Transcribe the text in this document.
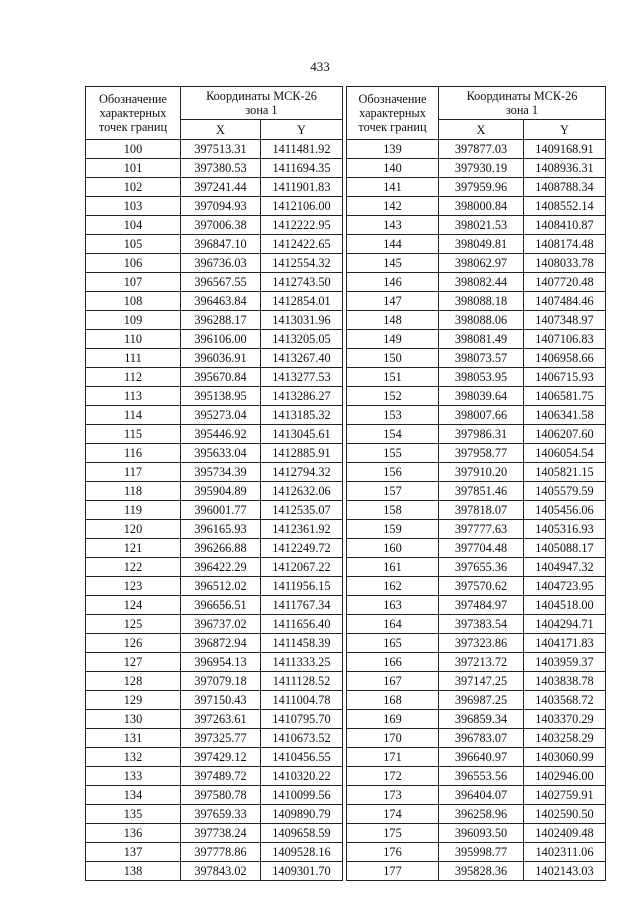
433
Обозначение
характерных
точек границ	Координаты МСК-26
зона 1	
	X	Y
100	397513.31	1411481.92
101	397380.53	1411694.35
102	397241.44	1411901.83
103	397094.93	1412106.00
104	397006.38	1412222.95
105	396847.10	1412422.65
106	396736.03	1412554.32
107	396567.55	1412743.50
108	396463.84	1412854.01
109	396288.17	1413031.96
110	396106.00	1413205.05
111	396036.91	1413267.40
112	395670.84	1413277.53
113	395138.95	1413286.27
114	395273.04	1413185.32
115	395446.92	1413045.61
116	395633.04	1412885.91
117	395734.39	1412794.32
118	395904.89	1412632.06
119	396001.77	1412535.07
120	396165.93	1412361.92
121	396266.88	1412249.72
122	396422.29	1412067.22
123	396512.02	1411956.15
124	396656.51	1411767.34
125	396737.02	1411656.40
126	396872.94	1411458.39
127	396954.13	1411333.25
128	397079.18	1411128.52
129	397150.43	1411004.78
130	397263.61	1410795.70
131	397325.77	1410673.52
132	397429.12	1410456.55
133	397489.72	1410320.22
134	397580.78	1410099.56
135	397659.33	1409890.79
136	397738.24	1409658.59
137	397778.86	1409528.16
138	397843.02	1409301.70
Обозначение
характерных
точек границ	Координаты МСК-26
зона 1	
	X	Y
139	397877.03	1409168.91
140	397930.19	1408936.31
141	397959.96	1408788.34
142	398000.84	1408552.14
143	398021.53	1408410.87
144	398049.81	1408174.48
145	398062.97	1408033.78
146	398082.44	1407720.48
147	398088.18	1407484.46
148	398088.06	1407348.97
149	398081.49	1407106.83
150	398073.57	1406958.66
151	398053.95	1406715.93
152	398039.64	1406581.75
153	398007.66	1406341.58
154	397986.31	1406207.60
155	397958.77	1406054.54
156	397910.20	1405821.15
157	397851.46	1405579.59
158	397818.07	1405456.06
159	397777.63	1405316.93
160	397704.48	1405088.17
161	397655.36	1404947.32
162	397570.62	1404723.95
163	397484.97	1404518.00
164	397383.54	1404294.71
165	397323.86	1404171.83
166	397213.72	1403959.37
167	397147.25	1403838.78
168	396987.25	1403568.72
169	396859.34	1403370.29
170	396783.07	1403258.29
171	396640.97	1403060.99
172	396553.56	1402946.00
173	396404.07	1402759.91
174	396258.96	1402590.50
175	396093.50	1402409.48
176	395998.77	1402311.06
177	395828.36	1402143.03
